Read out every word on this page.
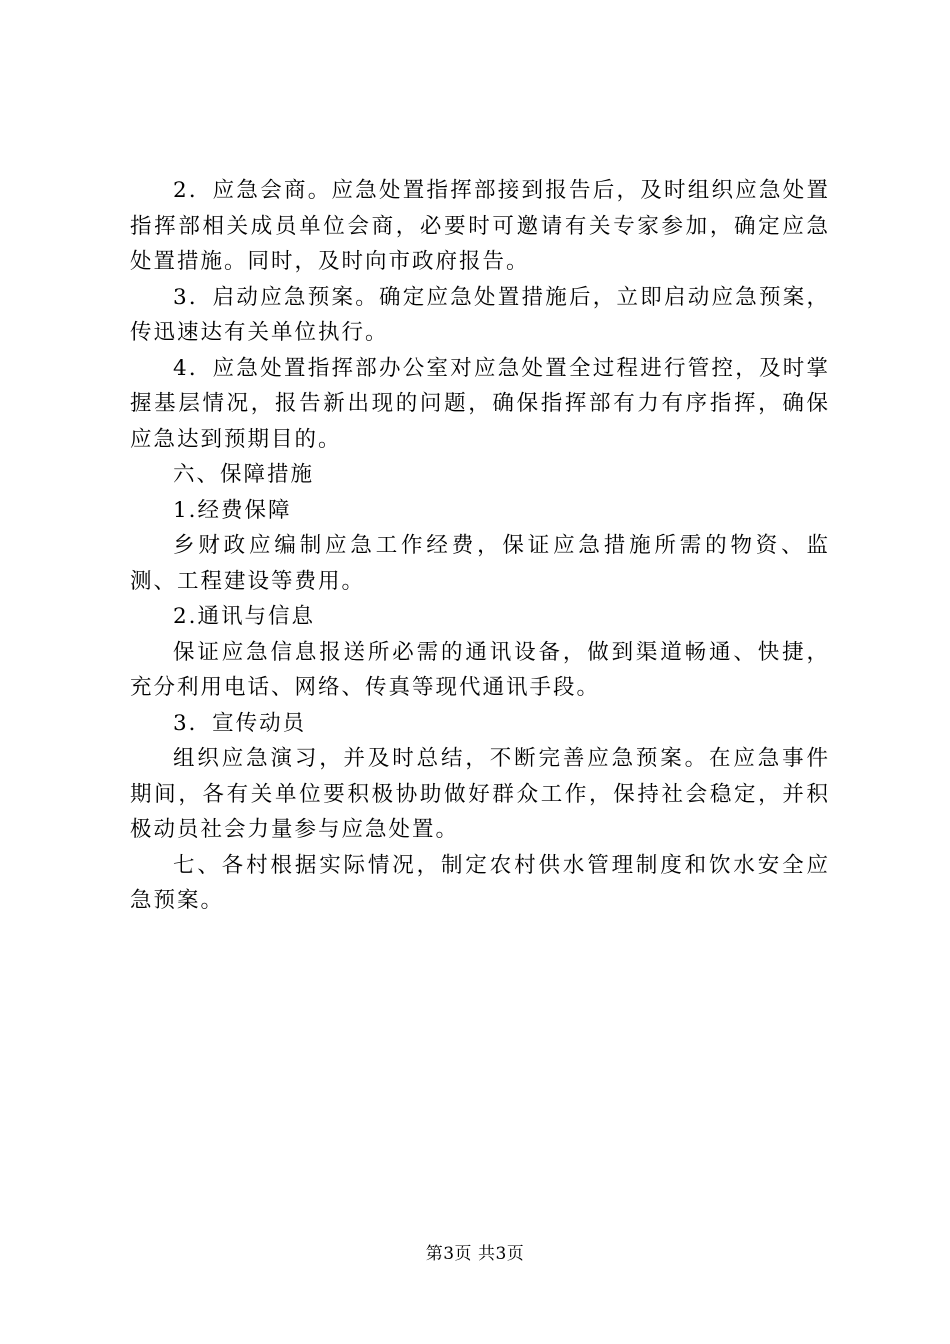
2．应急会商。应急处置指挥部接到报告后，及时组织应急处置指挥部相关成员单位会商，必要时可邀请有关专家参加，确定应急处置措施。同时，及时向市政府报告。

3．启动应急预案。确定应急处置措施后，立即启动应急预案，传迅速达有关单位执行。

4．应急处置指挥部办公室对应急处置全过程进行管控，及时掌握基层情况，报告新出现的问题，确保指挥部有力有序指挥，确保应急达到预期目的。

六、保障措施

1.经费保障

乡财政应编制应急工作经费，保证应急措施所需的物资、监测、工程建设等费用。

2.通讯与信息

保证应急信息报送所必需的通讯设备，做到渠道畅通、快捷，充分利用电话、网络、传真等现代通讯手段。

3．宣传动员

组织应急演习，并及时总结，不断完善应急预案。在应急事件期间，各有关单位要积极协助做好群众工作，保持社会稳定，并积极动员社会力量参与应急处置。

七、各村根据实际情况，制定农村供水管理制度和饮水安全应急预案。

第3页 共3页
